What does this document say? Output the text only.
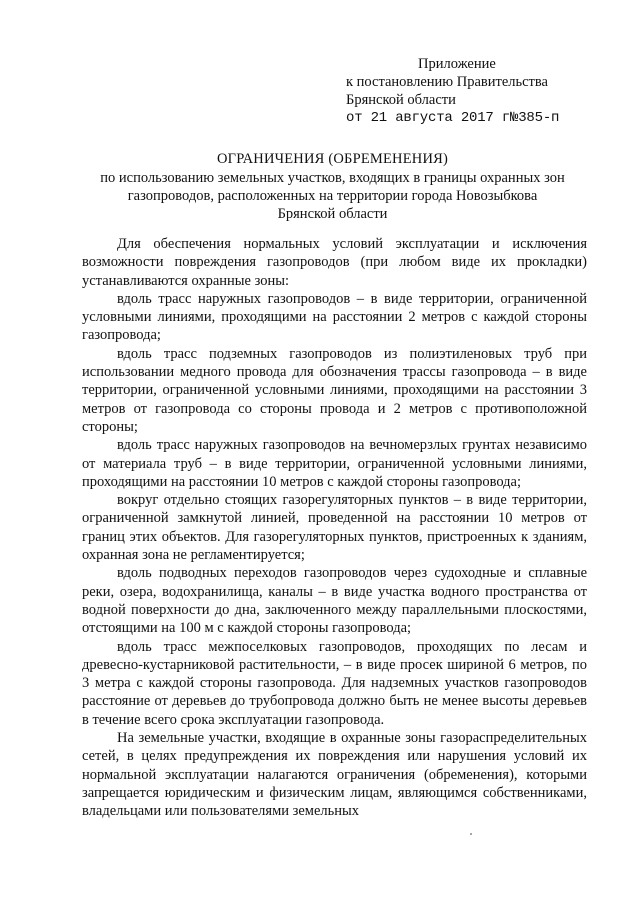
Приложение
к постановлению Правительства
Брянской области
от 21 августа 2017 г№385-п
ОГРАНИЧЕНИЯ (ОБРЕМЕНЕНИЯ)
по использованию земельных участков, входящих в границы охранных зон
газопроводов, расположенных на территории города Новозыбкова
Брянской области

Для обеспечения нормальных условий эксплуатации и исключения возможности повреждения газопроводов (при любом виде их прокладки) устанавливаются охранные зоны:

вдоль трасс наружных газопроводов – в виде территории, ограниченной условными линиями, проходящими на расстоянии 2 метров с каждой стороны газопровода;

вдоль трасс подземных газопроводов из полиэтиленовых труб при использовании медного провода для обозначения трассы газопровода – в виде территории, ограниченной условными линиями, проходящими на расстоянии 3 метров от газопровода со стороны провода и 2 метров с противоположной стороны;

вдоль трасс наружных газопроводов на вечномерзлых грунтах независимо от материала труб – в виде территории, ограниченной условными линиями, проходящими на расстоянии 10 метров с каждой стороны газопровода;

вокруг отдельно стоящих газорегуляторных пунктов – в виде территории, ограниченной замкнутой линией, проведенной на расстоянии 10 метров от границ этих объектов. Для газорегуляторных пунктов, пристроенных к зданиям, охранная зона не регламентируется;

вдоль подводных переходов газопроводов через судоходные и сплавные реки, озера, водохранилища, каналы – в виде участка водного пространства от водной поверхности до дна, заключенного между параллельными плоскостями, отстоящими на 100 м с каждой стороны газопровода;

вдоль трасс межпоселковых газопроводов, проходящих по лесам и древесно-кустарниковой растительности, – в виде просек шириной 6 метров, по 3 метра с каждой стороны газопровода. Для надземных участков газопроводов расстояние от деревьев до трубопровода должно быть не менее высоты деревьев в течение всего срока эксплуатации газопровода.

На земельные участки, входящие в охранные зоны газораспределительных сетей, в целях предупреждения их повреждения или нарушения условий их нормальной эксплуатации налагаются ограничения (обременения), которыми запрещается юридическим и физическим лицам, являющимся собственниками, владельцами или пользователями земельных
